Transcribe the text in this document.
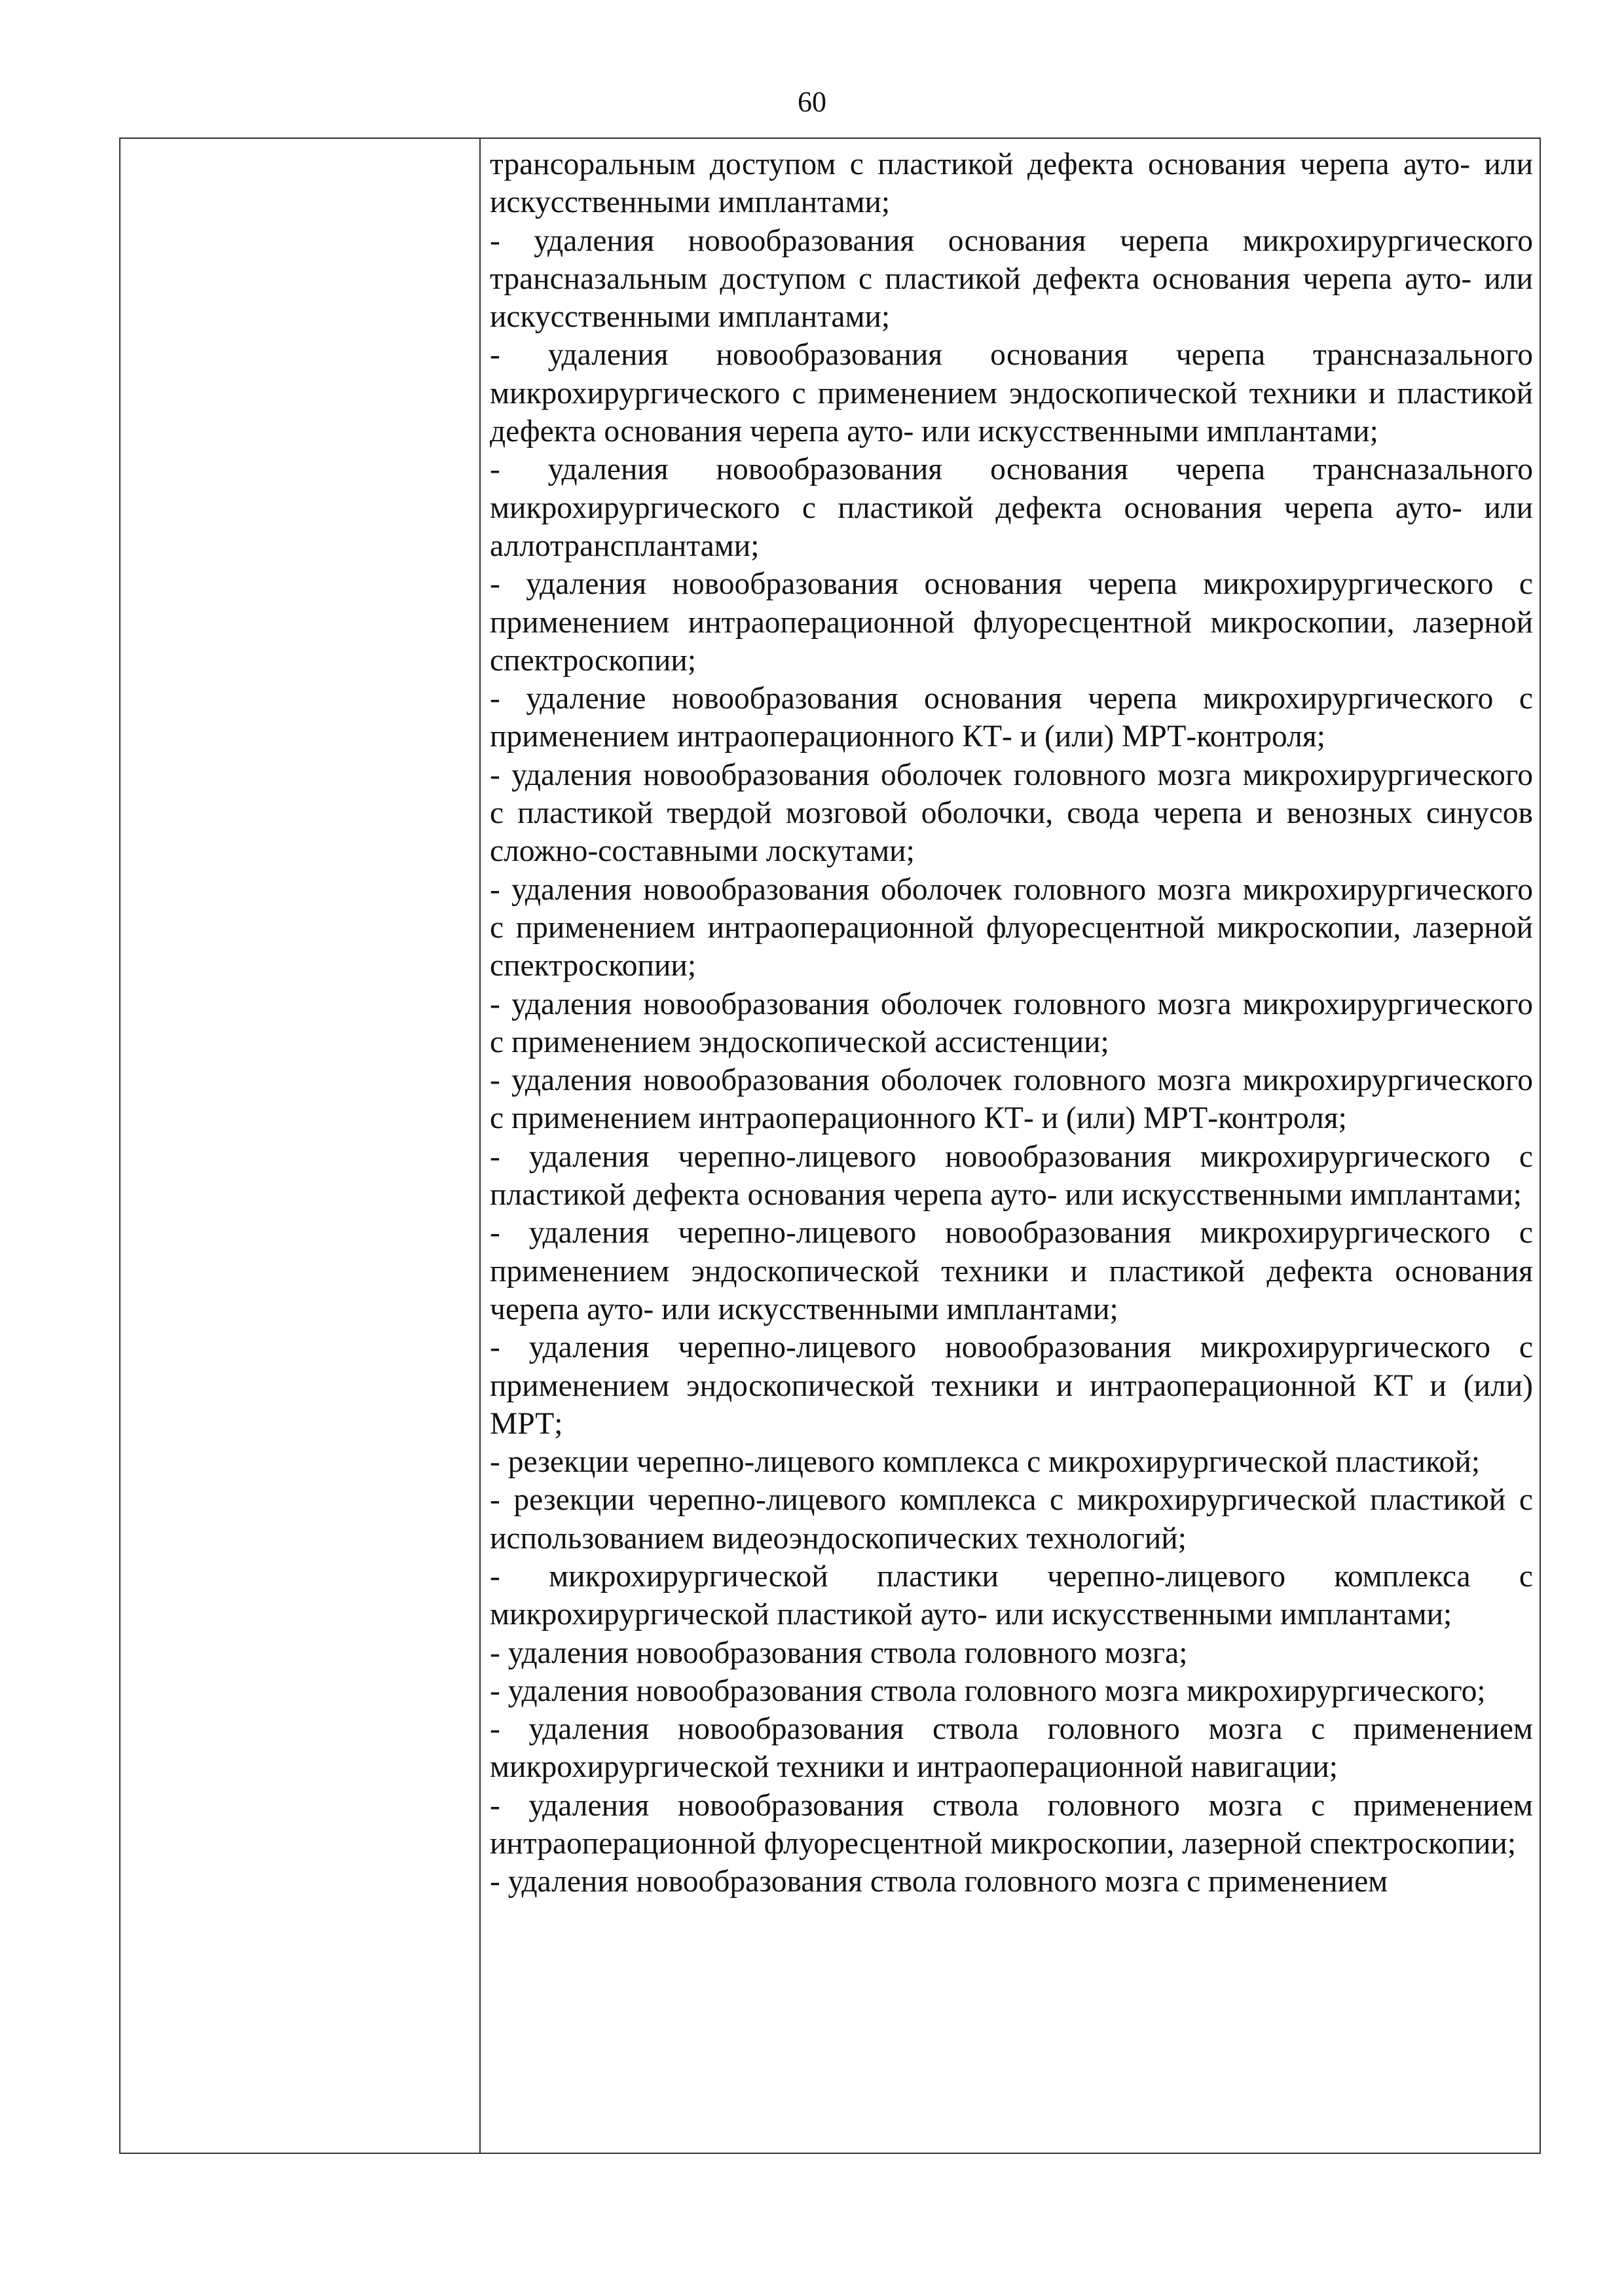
60

трансоральным доступом с пластикой дефекта основания черепа ауто- или искусственными имплантами;
- удаления новообразования основания черепа микрохирургического трансназальным доступом с пластикой дефекта основания черепа ауто- или искусственными имплантами;
- удаления новообразования основания черепа трансназального микрохирургического с применением эндоскопической техники и пластикой дефекта основания черепа ауто- или искусственными имплантами;
- удаления новообразования основания черепа трансназального микрохирургического с пластикой дефекта основания черепа ауто- или аллотрансплантами;
- удаления новообразования основания черепа микрохирургического с применением интраоперационной флуоресцентной микроскопии, лазерной спектроскопии;
- удаление новообразования основания черепа микрохирургического с применением интраоперационного КТ- и (или) МРТ-контроля;
- удаления новообразования оболочек головного мозга микрохирургического с пластикой твердой мозговой оболочки, свода черепа и венозных синусов сложно-составными лоскутами;
- удаления новообразования оболочек головного мозга микрохирургического с применением интраоперационной флуоресцентной микроскопии, лазерной спектроскопии;
- удаления новообразования оболочек головного мозга микрохирургического с применением эндоскопической ассистенции;
- удаления новообразования оболочек головного мозга микрохирургического с применением интраоперационного КТ- и (или) МРТ-контроля;
- удаления черепно-лицевого новообразования микрохирургического с пластикой дефекта основания черепа ауто- или искусственными имплантами;
- удаления черепно-лицевого новообразования микрохирургического с применением эндоскопической техники и пластикой дефекта основания черепа ауто- или искусственными имплантами;
- удаления черепно-лицевого новообразования микрохирургического с применением эндоскопической техники и интраоперационной КТ и (или) МРТ;
- резекции черепно-лицевого комплекса с микрохирургической пластикой;
- резекции черепно-лицевого комплекса с микрохирургической пластикой с использованием видеоэндоскопических технологий;
- микрохирургической пластики черепно-лицевого комплекса с микрохирургической пластикой ауто- или искусственными имплантами;
- удаления новообразования ствола головного мозга;
- удаления новообразования ствола головного мозга микрохирургического;
- удаления новообразования ствола головного мозга с применением микрохирургической техники и интраоперационной навигации;
- удаления новообразования ствола головного мозга с применением интраоперационной флуоресцентной микроскопии, лазерной спектроскопии;
- удаления новообразования ствола головного мозга с применением
